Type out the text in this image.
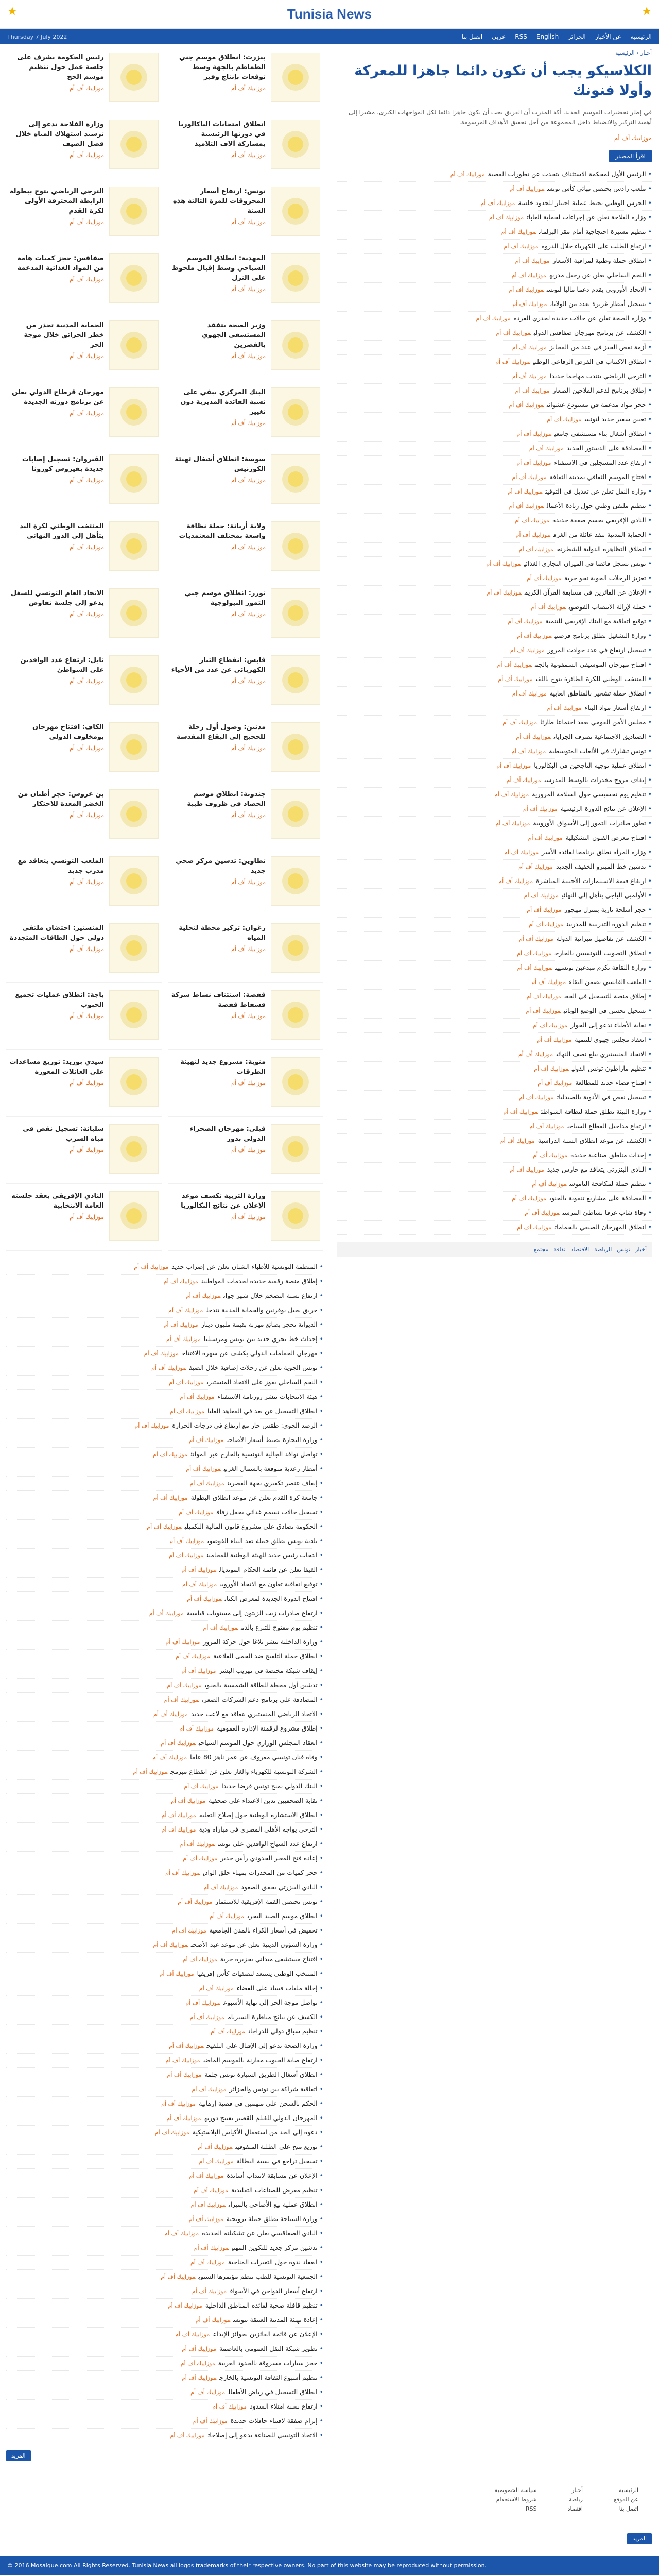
★	Tunisia News	★
الرئيسية
عن الأخبار
الجزائر
English
RSS
عربي
اتصل بنا
Thursday 7 July 2022
رئيس الحكومة يشرف على جلسة عمل حول تنظيم موسم الحج
موزاييك أف أم
بنزرت: انطلاق موسم جني الطماطم بالجهة وسط توقعات بإنتاج وفير
موزاييك أف أم
وزارة الفلاحة تدعو إلى ترشيد استهلاك المياه خلال فصل الصيف
موزاييك أف أم
انطلاق امتحانات الباكالوريا في دورتها الرئيسية بمشاركة آلاف التلاميذ
موزاييك أف أم
الترجي الرياضي يتوج ببطولة الرابطة المحترفة الأولى لكرة القدم
موزاييك أف أم
تونس: ارتفاع أسعار المحروقات للمرة الثالثة هذه السنة
موزاييك أف أم
صفاقس: حجز كميات هامة من المواد الغذائية المدعمة
موزاييك أف أم
المهدية: انطلاق الموسم السياحي وسط إقبال ملحوظ على النزل
موزاييك أف أم
الحماية المدنية تحذر من خطر الحرائق خلال موجة الحر
موزاييك أف أم
وزير الصحة يتفقد المستشفى الجهوي بالقصرين
موزاييك أف أم
مهرجان قرطاج الدولي يعلن عن برنامج دورته الجديدة
موزاييك أف أم
البنك المركزي يبقي على نسبة الفائدة المديرية دون تغيير
موزاييك أف أم
القيروان: تسجيل إصابات جديدة بفيروس كورونا
موزاييك أف أم
سوسة: انطلاق أشغال تهيئة الكورنيش
موزاييك أف أم
المنتخب الوطني لكرة اليد يتأهل إلى الدور النهائي
موزاييك أف أم
ولاية أريانة: حملة نظافة واسعة بمختلف المعتمديات
موزاييك أف أم
الاتحاد العام التونسي للشغل يدعو إلى جلسة تفاوض
موزاييك أف أم
توزر: انطلاق موسم جني التمور البيولوجية
موزاييك أف أم
نابل: ارتفاع عدد الوافدين على الشواطئ
موزاييك أف أم
قابس: انقطاع التيار الكهربائي عن عدد من الأحياء
موزاييك أف أم
الكاف: افتتاح مهرجان بومخلوف الدولي
موزاييك أف أم
مدنين: وصول أول رحلة للحجيج إلى البقاع المقدسة
موزاييك أف أم
بن عروس: حجز أطنان من الخضر المعدة للاحتكار
موزاييك أف أم
جندوبة: انطلاق موسم الحصاد في ظروف طيبة
موزاييك أف أم
الملعب التونسي يتعاقد مع مدرب جديد
موزاييك أف أم
تطاوين: تدشين مركز صحي جديد
موزاييك أف أم
المنستير: احتضان ملتقى دولي حول الطاقات المتجددة
موزاييك أف أم
زغوان: تركيز محطة لتحلية المياه
موزاييك أف أم
باجة: انطلاق عمليات تجميع الحبوب
موزاييك أف أم
قفصة: استئناف نشاط شركة فسفاط قفصة
موزاييك أف أم
سيدي بوزيد: توزيع مساعدات على العائلات المعوزة
موزاييك أف أم
منوبة: مشروع جديد لتهيئة الطرقات
موزاييك أف أم
سليانة: تسجيل نقص في مياه الشرب
موزاييك أف أم
قبلي: مهرجان الصحراء الدولي بدوز
موزاييك أف أم
النادي الإفريقي يعقد جلسته العامة الانتخابية
موزاييك أف أم
وزارة التربية تكشف موعد الإعلان عن نتائج البكالوريا
موزاييك أف أم
•المنظمة التونسية للأطباء الشبان تعلن عن إضراب جديدموزاييك أف أم
•إطلاق منصة رقمية جديدة لخدمات المواطنينموزاييك أف أم
•ارتفاع نسبة التضخم خلال شهر جوانموزاييك أف أم
•حريق بجبل بوقرنين والحماية المدنية تتدخلموزاييك أف أم
•الديوانة تحجز بضائع مهربة بقيمة مليون دينارموزاييك أف أم
•إحداث خط بحري جديد بين تونس ومرسيلياموزاييك أف أم
•مهرجان الحمامات الدولي يكشف عن سهرة الافتتاحموزاييك أف أم
•تونس الجوية تعلن عن رحلات إضافية خلال الصيفموزاييك أف أم
•النجم الساحلي يفوز على الاتحاد المنستيريموزاييك أف أم
•هيئة الانتخابات تنشر روزنامة الاستفتاءموزاييك أف أم
•انطلاق التسجيل عن بعد في المعاهد العلياموزاييك أف أم
•الرصد الجوي: طقس حار مع ارتفاع في درجات الحرارةموزاييك أف أم
•وزارة التجارة تضبط أسعار الأضاحيموزاييك أف أم
•تواصل توافد الجالية التونسية بالخارج عبر الموانئموزاييك أف أم
•أمطار رعدية متوقعة بالشمال الغربيموزاييك أف أم
•إيقاف عنصر تكفيري بجهة القصرينموزاييك أف أم
•جامعة كرة القدم تعلن عن موعد انطلاق البطولةموزاييك أف أم
•تسجيل حالات تسمم غذائي بحفل زفافموزاييك أف أم
•الحكومة تصادق على مشروع قانون المالية التكميليموزاييك أف أم
•بلدية تونس تطلق حملة ضد البناء الفوضويموزاييك أف أم
•انتخاب رئيس جديد للهيئة الوطنية للمحامينموزاييك أف أم
•الفيفا تعلن عن قائمة الحكام المونديالموزاييك أف أم
•توقيع اتفاقية تعاون مع الاتحاد الأوروبيموزاييك أف أم
•افتتاح الدورة الجديدة لمعرض الكتابموزاييك أف أم
•ارتفاع صادرات زيت الزيتون إلى مستويات قياسيةموزاييك أف أم
•تنظيم يوم مفتوح للتبرع بالدمموزاييك أف أم
•وزارة الداخلية تنشر بلاغا حول حركة المرورموزاييك أف أم
•انطلاق حملة التلقيح ضد الحمى القلاعيةموزاييك أف أم
•إيقاف شبكة مختصة في تهريب البشرموزاييك أف أم
•تدشين أول محطة للطاقة الشمسية بالجنوبموزاييك أف أم
•المصادقة على برنامج دعم الشركات الصغرىموزاييك أف أم
•الاتحاد الرياضي المنستيري يتعاقد مع لاعب جديدموزاييك أف أم
•إطلاق مشروع لرقمنة الإدارة العموميةموزاييك أف أم
•انعقاد المجلس الوزاري حول الموسم السياحيموزاييك أف أم
•وفاة فنان تونسي معروف عن عمر ناهز 80 عاماموزاييك أف أم
•الشركة التونسية للكهرباء والغاز تعلن عن انقطاع مبرمجموزاييك أف أم
•البنك الدولي يمنح تونس قرضا جديداموزاييك أف أم
•نقابة الصحفيين تدين الاعتداء على صحفيةموزاييك أف أم
•انطلاق الاستشارة الوطنية حول إصلاح التعليمموزاييك أف أم
•الترجي يواجه الأهلي المصري في مباراة وديةموزاييك أف أم
•ارتفاع عدد السياح الوافدين على تونسموزاييك أف أم
•إعادة فتح المعبر الحدودي رأس جديرموزاييك أف أم
•حجز كميات من المخدرات بميناء حلق الواديموزاييك أف أم
•النادي البنزرتي يحقق الصعودموزاييك أف أم
•تونس تحتضن القمة الإفريقية للاستثمارموزاييك أف أم
•انطلاق موسم الصيد البحريموزاييك أف أم
•تخفيض في أسعار الكراء بالمدن الجامعيةموزاييك أف أم
•وزارة الشؤون الدينية تعلن عن موعد عيد الأضحىموزاييك أف أم
•افتتاح مستشفى ميداني بجزيرة جربةموزاييك أف أم
•المنتخب الوطني يستعد لتصفيات كأس إفريقياموزاييك أف أم
•إحالة ملفات فساد على القضاءموزاييك أف أم
•تواصل موجة الحر إلى نهاية الأسبوعموزاييك أف أم
•الكشف عن نتائج مناظرة السيزيامموزاييك أف أم
•تنظيم سباق دولي للدراجاتموزاييك أف أم
•وزارة الصحة تدعو إلى الإقبال على التلقيحموزاييك أف أم
•ارتفاع صابة الحبوب مقارنة بالموسم الماضيموزاييك أف أم
•انطلاق أشغال الطريق السيارة تونس جلمةموزاييك أف أم
•اتفاقية شراكة بين تونس والجزائرموزاييك أف أم
•الحكم بالسجن على متهمين في قضية إرهابيةموزاييك أف أم
•المهرجان الدولي للفيلم القصير يفتتح دورتهموزاييك أف أم
•دعوة إلى الحد من استعمال الأكياس البلاستيكيةموزاييك أف أم
•توزيع منح على الطلبة المتفوقينموزاييك أف أم
•تسجيل تراجع في نسبة البطالةموزاييك أف أم
•الإعلان عن مسابقة لانتداب أساتذةموزاييك أف أم
•تنظيم معرض للصناعات التقليديةموزاييك أف أم
•انطلاق عملية بيع الأضاحي بالميزانموزاييك أف أم
•وزارة السياحة تطلق حملة ترويجيةموزاييك أف أم
•النادي الصفاقسي يعلن عن تشكيلته الجديدةموزاييك أف أم
•تدشين مركز جديد للتكوين المهنيموزاييك أف أم
•انعقاد ندوة حول التغيرات المناخيةموزاييك أف أم
•الجمعية التونسية للطب تنظم مؤتمرها السنويموزاييك أف أم
•ارتفاع أسعار الدواجن في الأسواقموزاييك أف أم
•تنظيم قافلة صحية لفائدة المناطق الداخليةموزاييك أف أم
•إعادة تهيئة المدينة العتيقة بتونسموزاييك أف أم
•الإعلان عن قائمة الفائزين بجوائز الإبداعموزاييك أف أم
•تطوير شبكة النقل العمومي بالعاصمةموزاييك أف أم
•حجز سيارات مسروقة بالحدود الغربيةموزاييك أف أم
•تنظيم أسبوع الثقافة التونسية بالخارجموزاييك أف أم
•انطلاق التسجيل في رياض الأطفالموزاييك أف أم
•ارتفاع نسبة امتلاء السدودموزاييك أف أم
•إبرام صفقة لاقتناء حافلات جديدةموزاييك أف أم
•الاتحاد التونسي للصناعة يدعو إلى إصلاحاتموزاييك أف أم
المزيد
أخبار › الرئيسية
الكلاسيكو يجب أن تكون دائما جاهزا للمعركة وأولا فنونك

في إطار تحضيرات الموسم الجديد، أكد المدرب أن الفريق يجب أن يكون جاهزا دائما لكل المواجهات الكبرى، مشيرا إلى أهمية التركيز والانضباط داخل المجموعة من أجل تحقيق الأهداف المرسومة.

موزاييك أف أم
اقرأ المصدر
•الرئيس الأول لمحكمة الاستئناف يتحدث عن تطورات القضيةموزاييك أف أم
•ملعب رادس يحتضن نهائي كأس تونسموزاييك أف أم
•الحرس الوطني يحبط عملية اجتياز للحدود خلسةموزاييك أف أم
•وزارة الفلاحة تعلن عن إجراءات لحماية الغاباتموزاييك أف أم
•تنظيم مسيرة احتجاجية أمام مقر البرلمانموزاييك أف أم
•ارتفاع الطلب على الكهرباء خلال الذروةموزاييك أف أم
•انطلاق حملة وطنية لمراقبة الأسعارموزاييك أف أم
•النجم الساحلي يعلن عن رحيل مدربهموزاييك أف أم
•الاتحاد الأوروبي يقدم دعما ماليا لتونسموزاييك أف أم
•تسجيل أمطار غزيرة بعدد من الولاياتموزاييك أف أم
•وزارة الصحة تعلن عن حالات جديدة لجدري القردةموزاييك أف أم
•الكشف عن برنامج مهرجان صفاقس الدوليموزاييك أف أم
•أزمة نقص الخبز في عدد من المخابزموزاييك أف أم
•انطلاق الاكتتاب في القرض الرقاعي الوطنيموزاييك أف أم
•الترجي الرياضي ينتدب مهاجما جديداموزاييك أف أم
•إطلاق برنامج لدعم الفلاحين الصغارموزاييك أف أم
•حجز مواد مدعمة في مستودع عشوائيموزاييك أف أم
•تعيين سفير جديد لتونسموزاييك أف أم
•انطلاق أشغال بناء مستشفى جامعيموزاييك أف أم
•المصادقة على الدستور الجديدموزاييك أف أم
•ارتفاع عدد المسجلين في الاستفتاءموزاييك أف أم
•افتتاح الموسم الثقافي بمدينة الثقافةموزاييك أف أم
•وزارة النقل تعلن عن تعديل في التوقيتموزاييك أف أم
•تنظيم ملتقى وطني حول ريادة الأعمالموزاييك أف أم
•النادي الإفريقي يحسم صفقة جديدةموزاييك أف أم
•الحماية المدنية تنقذ عائلة من الغرقموزاييك أف أم
•انطلاق التظاهرة الدولية للشطرنجموزاييك أف أم
•تونس تسجل فائضا في الميزان التجاري الغذائيموزاييك أف أم
•تعزيز الرحلات الجوية نحو جربةموزاييك أف أم
•الإعلان عن الفائزين في مسابقة القرآن الكريمموزاييك أف أم
•حملة لإزالة الانتصاب الفوضويموزاييك أف أم
•توقيع اتفاقية مع البنك الإفريقي للتنميةموزاييك أف أم
•وزارة التشغيل تطلق برنامج فرصتيموزاييك أف أم
•تسجيل ارتفاع في عدد حوادث المرورموزاييك أف أم
•افتتاح مهرجان الموسيقى السمفونية بالجمموزاييك أف أم
•المنتخب الوطني للكرة الطائرة يتوج باللقبموزاييك أف أم
•انطلاق حملة تشجير بالمناطق الغابيةموزاييك أف أم
•ارتفاع أسعار مواد البناءموزاييك أف أم
•مجلس الأمن القومي يعقد اجتماعا طارئاموزاييك أف أم
•الصناديق الاجتماعية تصرف الجراياتموزاييك أف أم
•تونس تشارك في الألعاب المتوسطيةموزاييك أف أم
•انطلاق عملية توجيه الناجحين في البكالورياموزاييك أف أم
•إيقاف مروج مخدرات بالوسط المدرسيموزاييك أف أم
•تنظيم يوم تحسيسي حول السلامة المروريةموزاييك أف أم
•الإعلان عن نتائج الدورة الرئيسيةموزاييك أف أم
•تطور صادرات التمور إلى الأسواق الأوروبيةموزاييك أف أم
•افتتاح معرض الفنون التشكيليةموزاييك أف أم
•وزارة المرأة تطلق برنامجا لفائدة الأسرموزاييك أف أم
•تدشين خط الميترو الخفيف الجديدموزاييك أف أم
•ارتفاع قيمة الاستثمارات الأجنبية المباشرةموزاييك أف أم
•الأولمبي الباجي يتأهل إلى النهائيموزاييك أف أم
•حجز أسلحة نارية بمنزل مهجورموزاييك أف أم
•تنظيم الدورة التدريبية للمدربينموزاييك أف أم
•الكشف عن تفاصيل ميزانية الدولةموزاييك أف أم
•انطلاق التصويت للتونسيين بالخارجموزاييك أف أم
•وزارة الثقافة تكرم مبدعين تونسيينموزاييك أف أم
•الملعب القابسي يضمن البقاءموزاييك أف أم
•إطلاق منصة للتسجيل في الحجموزاييك أف أم
•تسجيل تحسن في الوضع الوبائيموزاييك أف أم
•نقابة الأطباء تدعو إلى الحوارموزاييك أف أم
•انعقاد مجلس جهوي للتنميةموزاييك أف أم
•الاتحاد المنستيري يبلغ نصف النهائيموزاييك أف أم
•تنظيم ماراطون تونس الدوليموزاييك أف أم
•افتتاح فضاء جديد للمطالعةموزاييك أف أم
•تسجيل نقص في الأدوية بالصيدلياتموزاييك أف أم
•وزارة البيئة تطلق حملة لنظافة الشواطئموزاييك أف أم
•ارتفاع مداخيل القطاع السياحيموزاييك أف أم
•الكشف عن موعد انطلاق السنة الدراسيةموزاييك أف أم
•إحداث مناطق صناعية جديدةموزاييك أف أم
•النادي البنزرتي يتعاقد مع حارس جديدموزاييك أف أم
•تنظيم حملة لمكافحة الناموسموزاييك أف أم
•المصادقة على مشاريع تنموية بالجنوبموزاييك أف أم
•وفاة شاب غرقا بشاطئ المرسىموزاييك أف أم
•انطلاق المهرجان الصيفي بالحماماتموزاييك أف أم
أخبار
تونس
الرياضة
الاقتصاد
ثقافة
مجتمع
الرئيسية
عن الموقع
اتصل بنا
أخبار
رياضة
اقتصاد
سياسة الخصوصية
شروط الاستخدام
RSS
المزيد
© 2016 Mosaique.com All Rights Reserved. Tunisia News all logos trademarks of their respective owners. No part of this website may be reproduced without permission.
